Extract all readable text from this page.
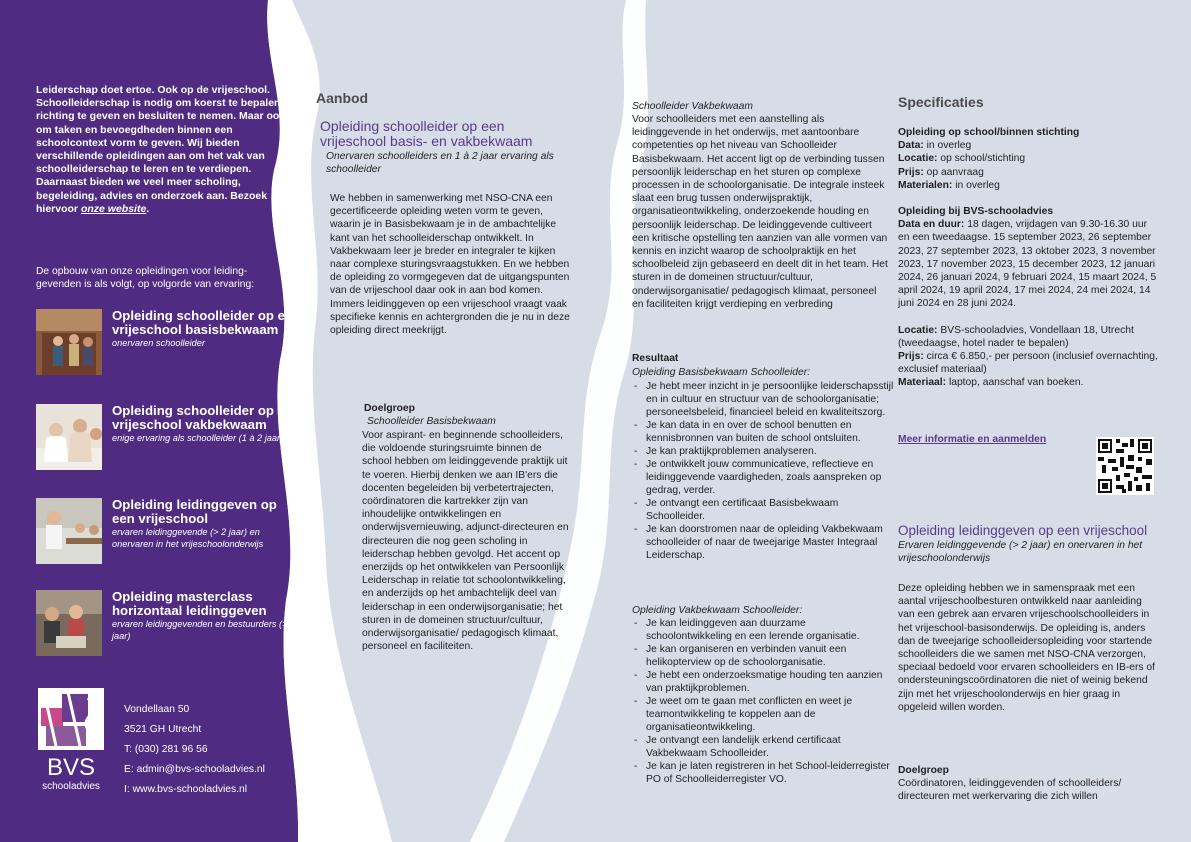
Leiderschap doet ertoe. Ook op de vrijeschool. Schoolleiderschap is nodig om koerst te bepalen, richting te geven en besluiten te nemen. Maar ook om taken en bevoegdheden binnen een schoolcontext vorm te geven. Wij bieden verschillende opleidingen aan om het vak van schoolleiderschap te leren en te verdiepen. Daarnaast bieden we veel meer scholing, begeleiding, advies en onderzoek aan. Bezoek hiervoor onze website.

De opbouw van onze opleidingen voor leiding-gevenden is als volgt, op volgorde van ervaring:

Opleiding schoolleider op een vrijeschool basisbekwaam

onervaren schoolleider

Opleiding schoolleider op een vrijeschool vakbekwaam

enige ervaring als schoolleider (1 à 2 jaar)

Opleiding leidinggeven op een vrijeschool

ervaren leidinggevende (> 2 jaar) en onervaren in het vrijeschoolonderwijs

Opleiding masterclass horizontaal leidinggeven

ervaren leidinggevenden en bestuurders (> 3 jaar)

BVS
schooladvies
Vondellaan 50
3521 GH Utrecht
T: (030) 281 96 56
E: admin@bvs-schooladvies.nl
I: www.bvs-schooladvies.nl
Aanbod
Opleiding schoolleider op een vrijeschool basis- en vakbekwaam

Onervaren schoolleiders en 1 à 2 jaar ervaring als schoolleider

We hebben in samenwerking met NSO-CNA een gecertificeerde opleiding weten vorm te geven, waarin je in Basisbekwaam je in de ambachtelijke kant van het schoolleiderschap ontwikkelt. In Vakbekwaam leer je breder en integraler te kijken naar complexe sturingsvraagstukken. En we hebben de opleiding zo vormgegeven dat de uitgangspunten van de vrijeschool daar ook in aan bod komen. Immers leidinggeven op een vrijeschool vraagt vaak specifieke kennis en achtergronden die je nu in deze opleiding direct meekrijgt.

Doelgroep

Schoolleider Basisbekwaam

Voor aspirant- en beginnende schoolleiders, die voldoende sturingsruimte binnen de school hebben om leidinggevende praktijk uit te voeren. Hierbij denken we aan IB'ers die docenten begeleiden bij verbetertrajecten, coördinatoren die kartrekker zijn van inhoudelijke ontwikkelingen en onderwijsvernieuwing, adjunct-directeuren en directeuren die nog geen scholing in leiderschap hebben gevolgd. Het accent op enerzijds op het ontwikkelen van Persoonlijk Leiderschap in relatie tot schoolontwikkeling, en anderzijds op het ambachtelijk deel van leiderschap in een onderwijsorganisatie; het sturen in de domeinen structuur/cultuur, onderwijsorganisatie/ pedagogisch klimaat, personeel en faciliteiten.

Schoolleider Vakbekwaam

Voor schoolleiders met een aanstelling als leidinggevende in het onderwijs, met aantoonbare competenties op het niveau van Schoolleider Basisbekwaam. Het accent ligt op de verbinding tussen persoonlijk leiderschap en het sturen op complexe processen in de schoolorganisatie. De integrale insteek slaat een brug tussen onderwijspraktijk, organisatieontwikkeling, onderzoekende houding en persoonlijk leiderschap. De leidinggevende cultiveert een kritische opstelling ten aanzien van alle vormen van kennis en inzicht waarop de schoolpraktijk en het schoolbeleid zijn gebaseerd en deelt dit in het team. Het sturen in de domeinen structuur/cultuur, onderwijsorganisatie/ pedagogisch klimaat, personeel en faciliteiten krijgt verdieping en verbreding

Resultaat

Opleiding Basisbekwaam Schoolleider:

- Je hebt meer inzicht in je persoonlijke leiderschapsstijl en in cultuur en structuur van de schoolorganisatie; personeelsbeleid, financieel beleid en kwaliteitszorg.
- Je kan data in en over de school benutten en kennisbronnen van buiten de school ontsluiten.
- Je kan praktijkproblemen analyseren.
- Je ontwikkelt jouw communicatieve, reflectieve en leidinggevende vaardigheden, zoals aanspreken op gedrag, verder.
- Je ontvangt een certificaat Basisbekwaam Schoolleider.
- Je kan doorstromen naar de opleiding Vakbekwaam schoolleider of naar de tweejarige Master Integraal Leiderschap.

Opleiding Vakbekwaam Schoolleider:

- Je kan leidinggeven aan duurzame schoolontwikkeling en een lerende organisatie.
- Je kan organiseren en verbinden vanuit een helikopterview op de schoolorganisatie.
- Je hebt een onderzoeksmatige houding ten aanzien van praktijkproblemen.
- Je weet om te gaan met conflicten en weet je teamontwikkeling te koppelen aan de organisatieontwikkeling.
- Je ontvangt een landelijk erkend certificaat Vakbekwaam Schoolleider.
- Je kan je laten registreren in het School-leiderregister PO of Schoolleiderregister VO.
Specificaties

Opleiding op school/binnen stichting

Data: in overleg

Locatie: op school/stichting

Prijs: op aanvraag

Materialen: in overleg

Opleiding bij BVS-schooladvies

Data en duur: 18 dagen, vrijdagen van 9.30-16.30 uur en een tweedaagse. 15 september 2023, 26 september 2023, 27 september 2023, 13 oktober 2023, 3 november 2023, 17 november 2023, 15 december 2023, 12 januari 2024, 26 januari 2024, 9 februari 2024, 15 maart 2024, 5 april 2024, 19 april 2024, 17 mei 2024, 24 mei 2024, 14 juni 2024 en 28 juni 2024.

Locatie: BVS-schooladvies, Vondellaan 18, Utrecht (tweedaagse, hotel nader te bepalen)

Prijs: circa € 6.850,- per persoon (inclusief overnachting, exclusief materiaal)

Materiaal: laptop, aanschaf van boeken.

Meer informatie en aanmelden
Opleiding leidinggeven op een vrijeschool

Ervaren leidinggevende (> 2 jaar) en onervaren in het vrijeschoolonderwijs

Deze opleiding hebben we in samenspraak met een aantal vrijeschoolbesturen ontwikkeld naar aanleiding van een gebrek aan ervaren vrijeschoolschoolleiders in het vrijeschool-basisonderwijs. De opleiding is, anders dan de tweejarige schoolleidersopleiding voor startende schoolleiders die we samen met NSO-CNA verzorgen, speciaal bedoeld voor ervaren schoolleiders en IB-ers of ondersteuningscoördinatoren die niet of weinig bekend zijn met het vrijeschoolonderwijs en hier graag in opgeleid willen worden.

Doelgroep

Coördinatoren, leidinggevenden of schoolleiders/ directeuren met werkervaring die zich willen
